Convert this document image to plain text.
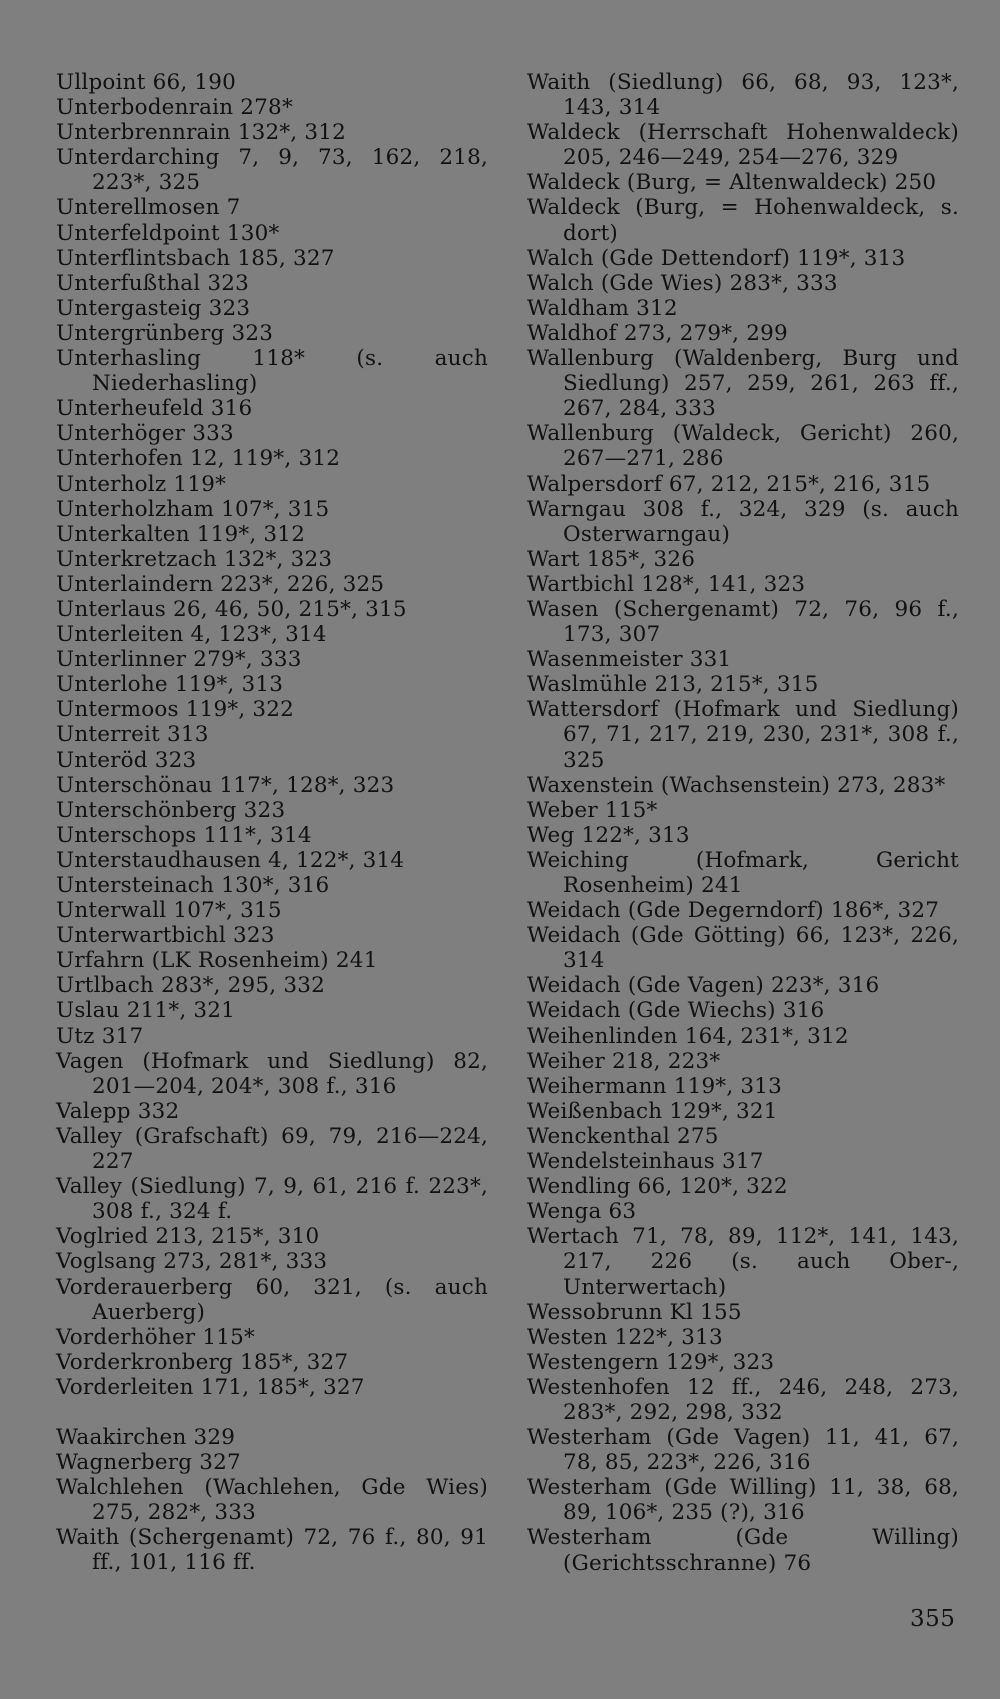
Ullpoint 66, 190
Unterbodenrain 278*
Unterbrennrain 132*, 312
Unterdarching 7, 9, 73, 162, 218, 223*, 325
Unterellmosen 7
Unterfeldpoint 130*
Unterflintsbach 185, 327
Unterfußthal 323
Untergasteig 323
Untergrünberg 323
Unterhasling 118* (s. auch Niederhasling)
Unterheufeld 316
Unterhöger 333
Unterhofen 12, 119*, 312
Unterholz 119*
Unterholzham 107*, 315
Unterkalten 119*, 312
Unterkretzach 132*, 323
Unterlaindern 223*, 226, 325
Unterlaus 26, 46, 50, 215*, 315
Unterleiten 4, 123*, 314
Unterlinner 279*, 333
Unterlohe 119*, 313
Untermoos 119*, 322
Unterreit 313
Unteröd 323
Unterschönau 117*, 128*, 323
Unterschönberg 323
Unterschops 111*, 314
Unterstaudhausen 4, 122*, 314
Untersteinach 130*, 316
Unterwall 107*, 315
Unterwartbichl 323
Urfahrn (LK Rosenheim) 241
Urtlbach 283*, 295, 332
Uslau 211*, 321
Utz 317
Vagen (Hofmark und Siedlung) 82, 201—204, 204*, 308 f., 316
Valepp 332
Valley (Grafschaft) 69, 79, 216—224, 227
Valley (Siedlung) 7, 9, 61, 216 f. 223*, 308 f., 324 f.
Voglried 213, 215*, 310
Voglsang 273, 281*, 333
Vorderauerberg 60, 321, (s. auch Auerberg)
Vorderhöher 115*
Vorderkronberg 185*, 327
Vorderleiten 171, 185*, 327
Waakirchen 329
Wagnerberg 327
Walchlehen (Wachlehen, Gde Wies) 275, 282*, 333
Waith (Schergenamt) 72, 76 f., 80, 91 ff., 101, 116 ff.
Waith (Siedlung) 66, 68, 93, 123*, 143, 314
Waldeck (Herrschaft Hohenwaldeck) 205, 246—249, 254—276, 329
Waldeck (Burg, = Altenwaldeck) 250
Waldeck (Burg, = Hohenwaldeck, s. dort)
Walch (Gde Dettendorf) 119*, 313
Walch (Gde Wies) 283*, 333
Waldham 312
Waldhof 273, 279*, 299
Wallenburg (Waldenberg, Burg und Siedlung) 257, 259, 261, 263 ff., 267, 284, 333
Wallenburg (Waldeck, Gericht) 260, 267—271, 286
Walpersdorf 67, 212, 215*, 216, 315
Warngau 308 f., 324, 329 (s. auch Osterwarngau)
Wart 185*, 326
Wartbichl 128*, 141, 323
Wasen (Schergenamt) 72, 76, 96 f., 173, 307
Wasenmeister 331
Waslmühle 213, 215*, 315
Wattersdorf (Hofmark und Siedlung) 67, 71, 217, 219, 230, 231*, 308 f., 325
Waxenstein (Wachsenstein) 273, 283*
Weber 115*
Weg 122*, 313
Weiching (Hofmark, Gericht Rosenheim) 241
Weidach (Gde Degerndorf) 186*, 327
Weidach (Gde Götting) 66, 123*, 226, 314
Weidach (Gde Vagen) 223*, 316
Weidach (Gde Wiechs) 316
Weihenlinden 164, 231*, 312
Weiher 218, 223*
Weihermann 119*, 313
Weißenbach 129*, 321
Wenckenthal 275
Wendelsteinhaus 317
Wendling 66, 120*, 322
Wenga 63
Wertach 71, 78, 89, 112*, 141, 143, 217, 226 (s. auch Ober-, Unterwertach)
Wessobrunn Kl 155
Westen 122*, 313
Westengern 129*, 323
Westenhofen 12 ff., 246, 248, 273, 283*, 292, 298, 332
Westerham (Gde Vagen) 11, 41, 67, 78, 85, 223*, 226, 316
Westerham (Gde Willing) 11, 38, 68, 89, 106*, 235 (?), 316
Westerham (Gde Willing) (Gerichtsschranne) 76
355
